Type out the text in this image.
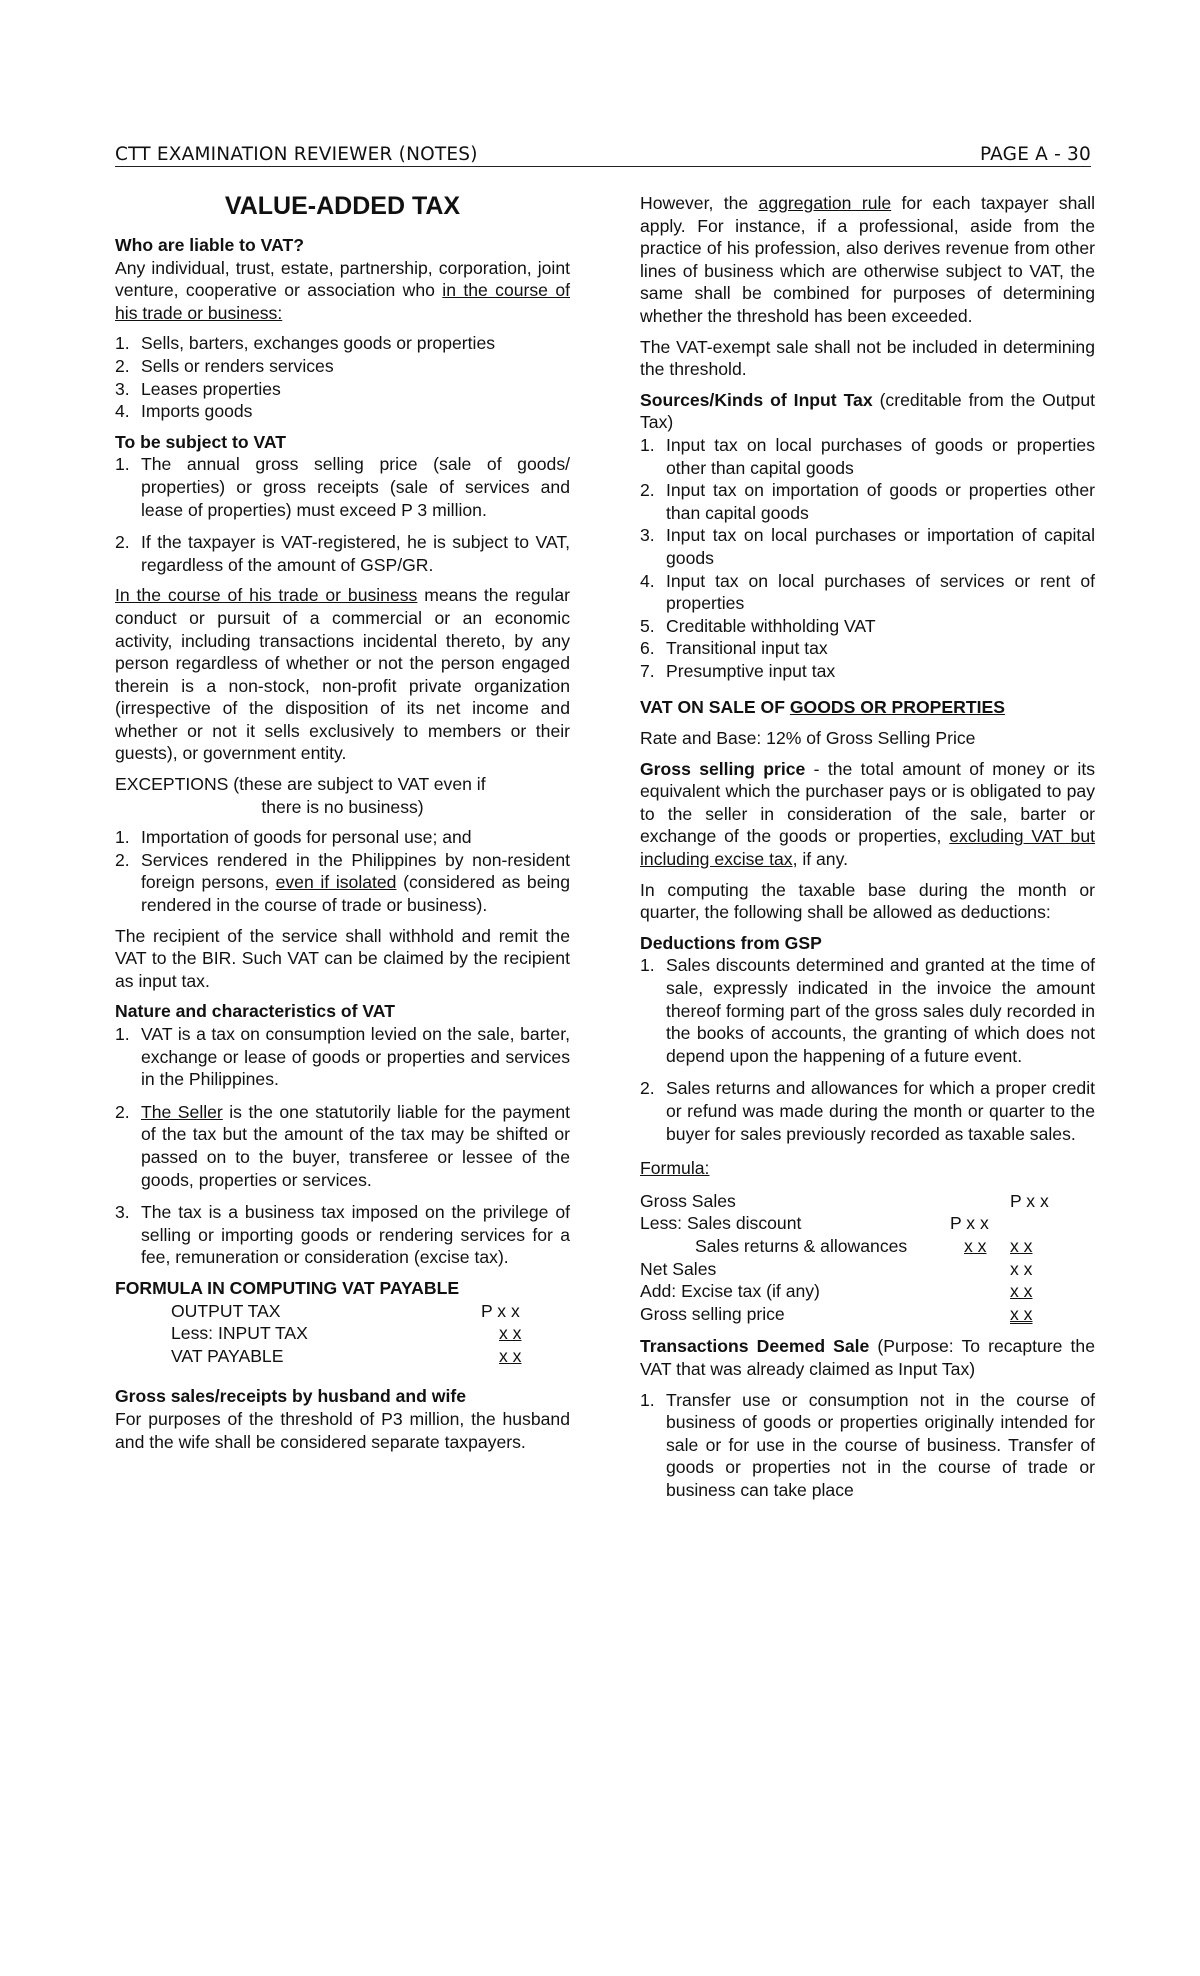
CTT EXAMINATION REVIEWER (NOTES)	PAGE A - 30
VALUE-ADDED TAX
Who are liable to VAT?

Any individual, trust, estate, partnership, corporation, joint venture, cooperative or association who in the course of his trade or business:

1. Sells, barters, exchanges goods or properties
2. Sells or renders services
3. Leases properties
4. Imports goods
To be subject to VAT
1. The annual gross selling price (sale of goods/ properties) or gross receipts (sale of services and lease of properties) must exceed P 3 million.
2. If the taxpayer is VAT-registered, he is subject to VAT, regardless of the amount of GSP/GR.

In the course of his trade or business means the regular conduct or pursuit of a commercial or an economic activity, including transactions incidental thereto, by any person regardless of whether or not the person engaged therein is a non-stock, non-profit private organization (irrespective of the disposition of its net income and whether or not it sells exclusively to members or their guests), or government entity.

EXCEPTIONS (these are subject to VAT even if
there is no business)
1. Importation of goods for personal use; and
2. Services rendered in the Philippines by non-resident foreign persons, even if isolated (considered as being rendered in the course of trade or business).

The recipient of the service shall withhold and remit the VAT to the BIR. Such VAT can be claimed by the recipient as input tax.

Nature and characteristics of VAT
1. VAT is a tax on consumption levied on the sale, barter, exchange or lease of goods or properties and services in the Philippines.
2. The Seller is the one statutorily liable for the payment of the tax but the amount of the tax may be shifted or passed on to the buyer, transferee or lessee of the goods, properties or services.
3. The tax is a business tax imposed on the privilege of selling or importing goods or rendering services for a fee, remuneration or consideration (excise tax).
FORMULA IN COMPUTING VAT PAYABLE
OUTPUT TAX	P x x
Less: INPUT TAX	x x
VAT PAYABLE	x x
Gross sales/receipts by husband and wife

For purposes of the threshold of P3 million, the husband and the wife shall be considered separate taxpayers.

However, the aggregation rule for each taxpayer shall apply. For instance, if a professional, aside from the practice of his profession, also derives revenue from other lines of business which are otherwise subject to VAT, the same shall be combined for purposes of determining whether the threshold has been exceeded.

The VAT-exempt sale shall not be included in determining the threshold.

Sources/Kinds of Input Tax (creditable from the Output Tax)
1. Input tax on local purchases of goods or properties other than capital goods
2. Input tax on importation of goods or properties other than capital goods
3. Input tax on local purchases or importation of capital goods
4. Input tax on local purchases of services or rent of properties
5. Creditable withholding VAT
6. Transitional input tax
7. Presumptive input tax
VAT ON SALE OF GOODS OR PROPERTIES

Rate and Base: 12% of Gross Selling Price

Gross selling price - the total amount of money or its equivalent which the purchaser pays or is obligated to pay to the seller in consideration of the sale, barter or exchange of the goods or properties, excluding VAT but including excise tax, if any.

In computing the taxable base during the month or quarter, the following shall be allowed as deductions:

Deductions from GSP
1. Sales discounts determined and granted at the time of sale, expressly indicated in the invoice the amount thereof forming part of the gross sales duly recorded in the books of accounts, the granting of which does not depend upon the happening of a future event.
2. Sales returns and allowances for which a proper credit or refund was made during the month or quarter to the buyer for sales previously recorded as taxable sales.
Formula:
Gross Sales	P x x
Less: Sales discount	P x x
Sales returns & allowances	x x	x x
Net Sales	x x
Add: Excise tax (if any)	x x
Gross selling price	x x

Transactions Deemed Sale (Purpose: To recapture the VAT that was already claimed as Input Tax)

1. Transfer use or consumption not in the course of business of goods or properties originally intended for sale or for use in the course of business. Transfer of goods or properties not in the course of trade or business can take place
